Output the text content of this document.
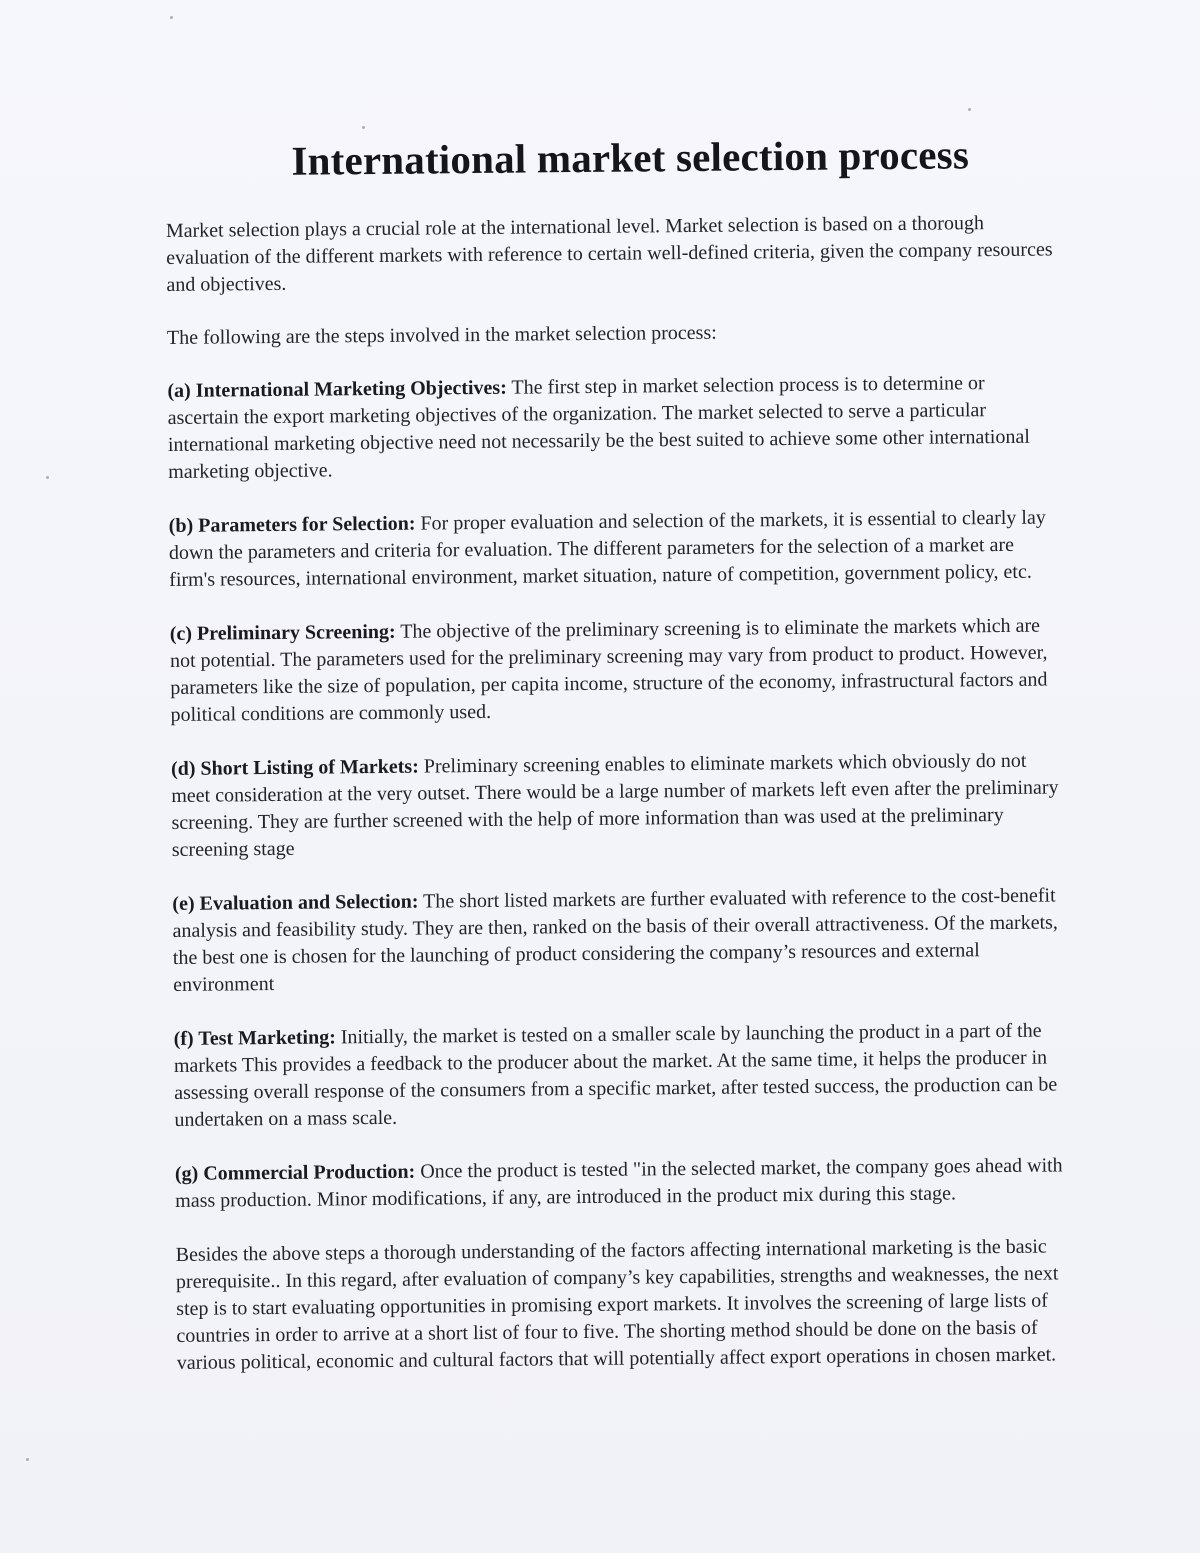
International market selection process

Market selection plays a crucial role at the international level. Market selection is based on a thorough evaluation of the different markets with reference to certain well-defined criteria, given the company resources and objectives.

The following are the steps involved in the market selection process:

(a) International Marketing Objectives: The first step in market selection process is to determine or ascertain the export marketing objectives of the organization. The market selected to serve a particular international marketing objective need not necessarily be the best suited to achieve some other international marketing objective.

(b) Parameters for Selection: For proper evaluation and selection of the markets, it is essential to clearly lay down the parameters and criteria for evaluation. The different parameters for the selection of a market are firm's resources, international environment, market situation, nature of competition, government policy, etc.

(c) Preliminary Screening: The objective of the preliminary screening is to eliminate the markets which are not potential. The parameters used for the preliminary screening may vary from product to product. However, parameters like the size of population, per capita income, structure of the economy, infrastructural factors and political conditions are commonly used.

(d) Short Listing of Markets: Preliminary screening enables to eliminate markets which obviously do not meet consideration at the very outset. There would be a large number of markets left even after the preliminary screening. They are further screened with the help of more information than was used at the preliminary screening stage

(e) Evaluation and Selection: The short listed markets are further evaluated with reference to the cost-benefit analysis and feasibility study. They are then, ranked on the basis of their overall attractiveness. Of the markets, the best one is chosen for the launching of product considering the company’s resources and external environment

(f) Test Marketing: Initially, the market is tested on a smaller scale by launching the product in a part of the markets This provides a feedback to the producer about the market. At the same time, it helps the producer in assessing overall response of the consumers from a specific market, after tested success, the production can be undertaken on a mass scale.

(g) Commercial Production: Once the product is tested "in the selected market, the company goes ahead with mass production. Minor modifications, if any, are introduced in the product mix during this stage.

Besides the above steps a thorough understanding of the factors affecting international marketing is the basic prerequisite.. In this regard, after evaluation of company’s key capabilities, strengths and weaknesses, the next step is to start evaluating opportunities in promising export markets. It involves the screening of large lists of countries in order to arrive at a short list of four to five. The shorting method should be done on the basis of various political, economic and cultural factors that will potentially affect export operations in chosen market.
